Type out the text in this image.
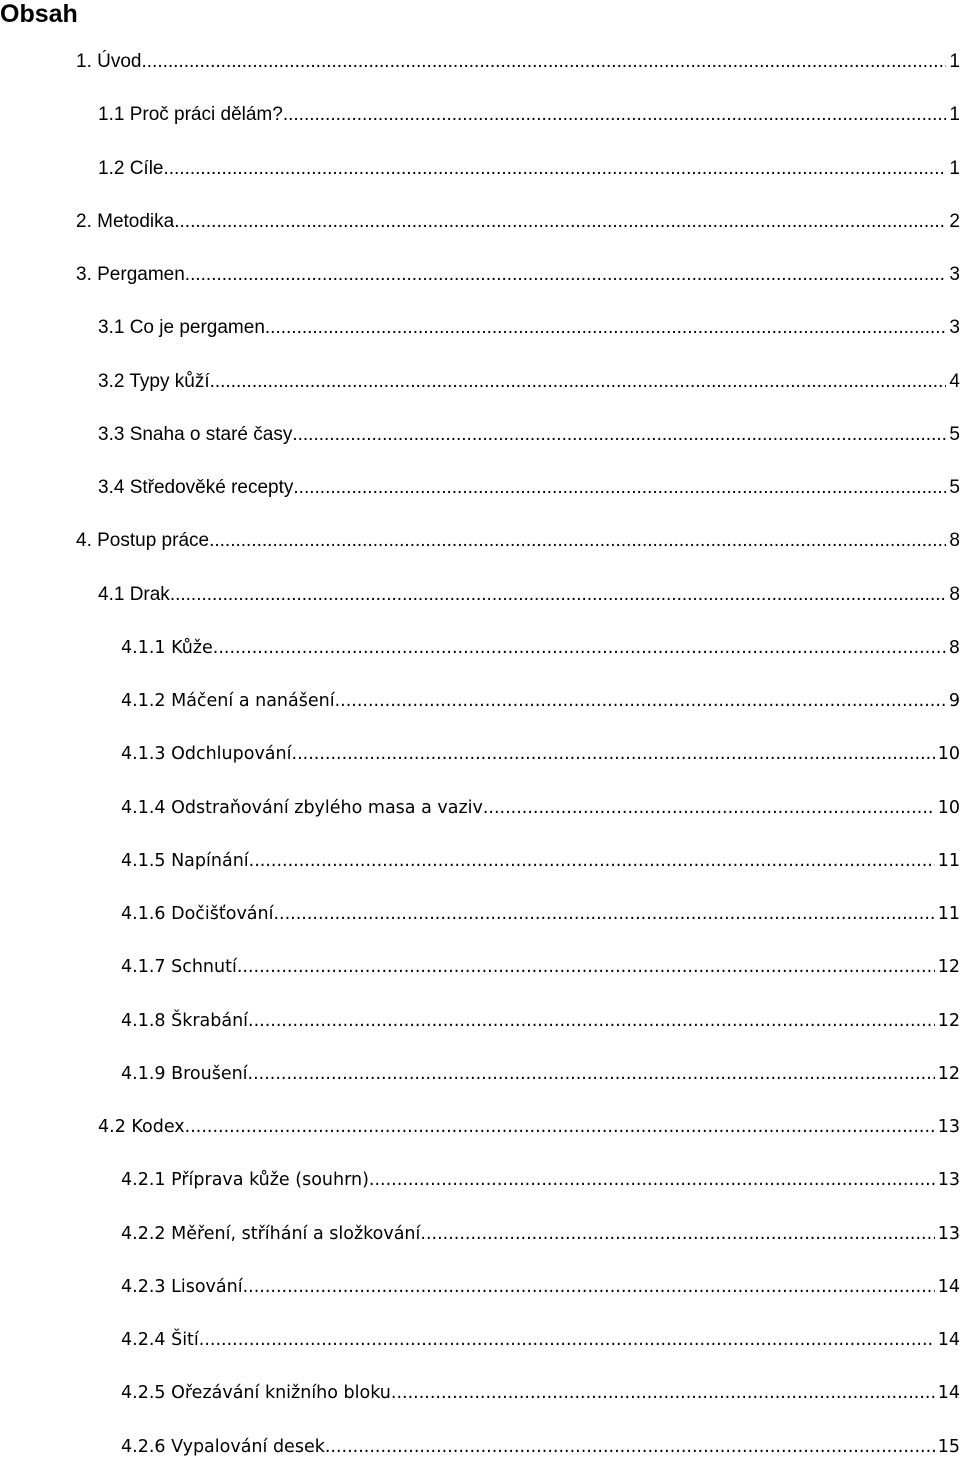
Obsah
1. Úvod .....	1
1.1 Proč práci dělám? .....	1
1.2 Cíle .....	1
2. Metodika .....	2
3. Pergamen .....	3
3.1 Co je pergamen .....	3
3.2 Typy kůží .....	4
3.3 Snaha o staré časy .....	5
3.4 Středověké recepty .....	5
4. Postup práce .....	8
4.1 Drak .....	8
4.1.1 Kůže .....	8
4.1.2 Máčení a nanášení .....	9
4.1.3 Odchlupování .....	10
4.1.4 Odstraňování zbylého masa a vaziv .....	10
4.1.5 Napínání .....	11
4.1.6 Dočišťování .....	11
4.1.7 Schnutí .....	12
4.1.8 Škrabání .....	12
4.1.9 Broušení .....	12
4.2 Kodex .....	13
4.2.1 Příprava kůže (souhrn) .....	13
4.2.2 Měření, stříhání a složkování .....	13
4.2.3 Lisování .....	14
4.2.4 Šití .....	14
4.2.5 Ořezávání knižního bloku .....	14
4.2.6 Vypalování desek .....	15
